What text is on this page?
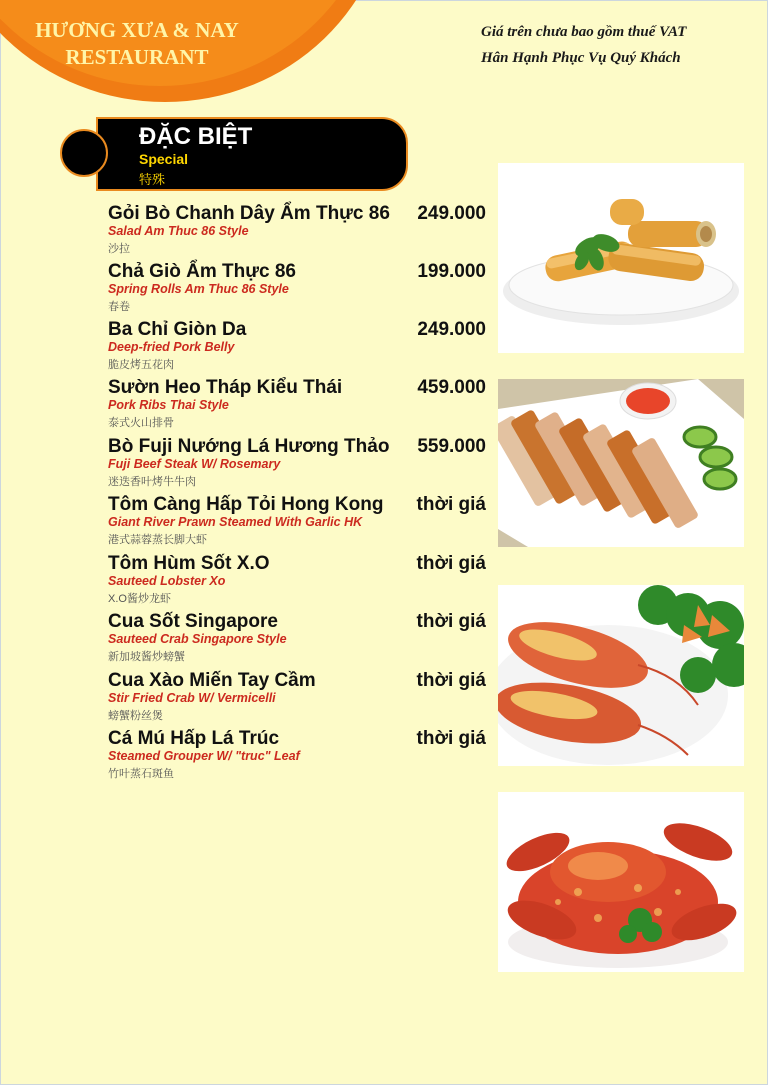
HƯƠNG XƯA & NAY
RESTAURANT
Giá trên chưa bao gồm thuế VAT
Hân Hạnh Phục Vụ Quý Khách
ĐẶC BIỆT
Special
特殊
Gỏi Bò Chanh Dây Ẩm Thực 86 249.000
Salad Am Thuc 86 Style
沙拉
Chả Giò Ẩm Thực 86	199.000
Spring Rolls Am Thuc 86 Style
春卷
Ba Chỉ Giòn Da	249.000
Deep-fried Pork Belly
脆皮烤五花肉
Sườn Heo Tháp Kiểu Thái	459.000
Pork Ribs Thai Style
泰式火山排骨
Bò Fuji Nướng Lá Hương Thảo 559.000
Fuji Beef Steak W/ Rosemary
迷迭香叶烤牛牛肉
Tôm Càng Hấp Tỏi Hong Kong thời giá
Giant River Prawn Steamed With Garlic HK
港式蒜蓉蒸长脚大虾
Tôm Hùm Sốt X.O	thời giá
Sauteed Lobster Xo
X.O酱炒龙虾
Cua Sốt Singapore	thời giá
Sauteed Crab Singapore Style
新加坡酱炒螃蟹
Cua Xào Miến Tay Cầm	thời giá
Stir Fried Crab W/ Vermicelli
螃蟹粉丝煲
Cá Mú Hấp Lá Trúc	thời giá
Steamed Grouper W/ "truc" Leaf
竹叶蒸石斑鱼
